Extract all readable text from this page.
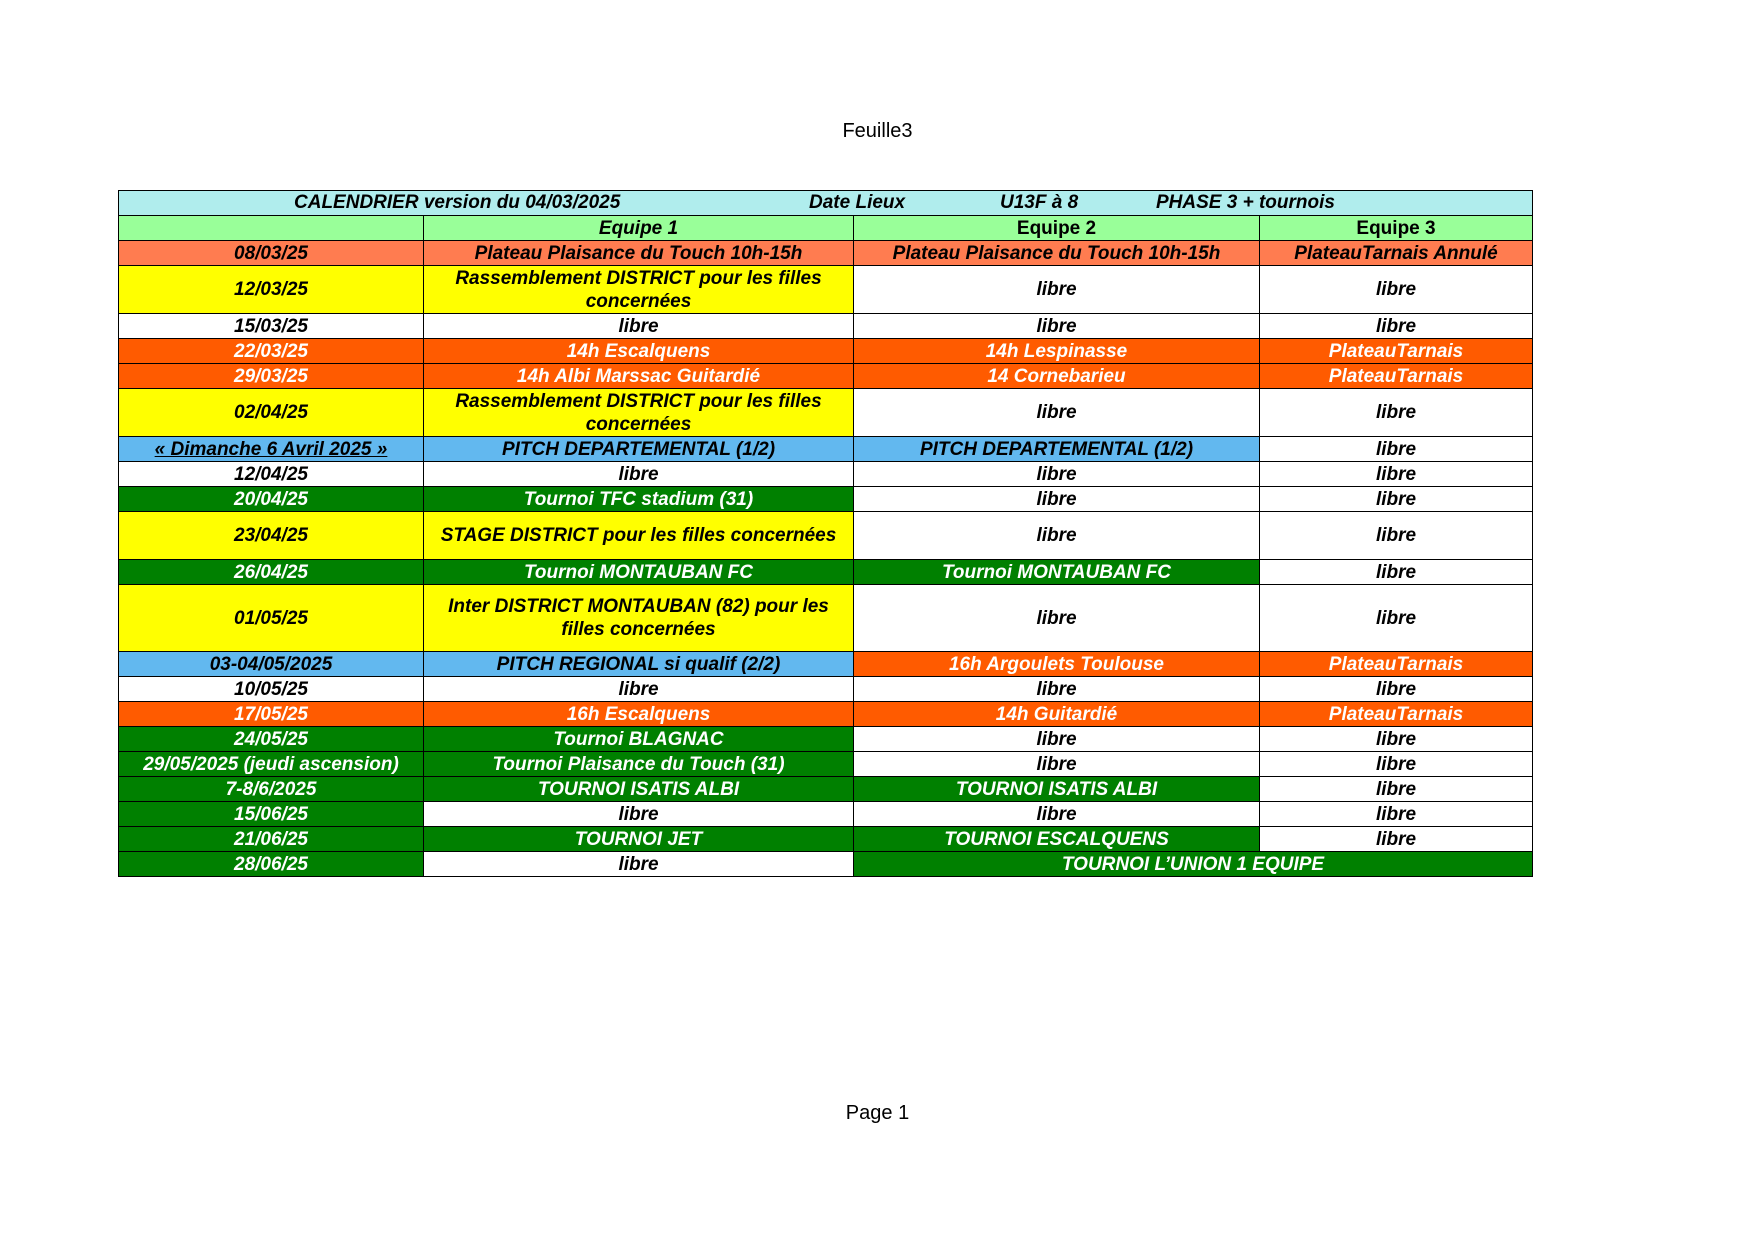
Feuille3
CALENDRIER version du 04/03/2025 Date Lieux U13F à 8 PHASE 3 + tournois			

	Equipe 1	Equipe 2	Equipe 3
08/03/25	Plateau Plaisance du Touch 10h-15h	Plateau Plaisance du Touch 10h-15h	PlateauTarnais Annulé
12/03/25	Rassemblement DISTRICT pour les filles concernées	libre	libre
15/03/25	libre	libre	libre
22/03/25	14h Escalquens	14h Lespinasse	PlateauTarnais
29/03/25	14h Albi Marssac Guitardié	14 Cornebarieu	PlateauTarnais
02/04/25	Rassemblement DISTRICT pour les filles concernées	libre	libre
« Dimanche 6 Avril 2025 »	PITCH DEPARTEMENTAL (1/2)	PITCH DEPARTEMENTAL (1/2)	libre
12/04/25	libre	libre	libre
20/04/25	Tournoi TFC stadium (31)	libre	libre
23/04/25	STAGE DISTRICT pour les filles concernées	libre	libre
26/04/25	Tournoi MONTAUBAN FC	Tournoi MONTAUBAN FC	libre
01/05/25	Inter DISTRICT MONTAUBAN (82) pour les filles concernées	libre	libre
03-04/05/2025	PITCH REGIONAL si qualif (2/2)	16h Argoulets Toulouse	PlateauTarnais
10/05/25	libre	libre	libre
17/05/25	16h Escalquens	14h Guitardié	PlateauTarnais
24/05/25	Tournoi BLAGNAC	libre	libre
29/05/2025 (jeudi ascension)	Tournoi Plaisance du Touch (31)	libre	libre
7-8/6/2025	TOURNOI ISATIS ALBI	TOURNOI ISATIS ALBI	libre
15/06/25	libre	libre	libre
21/06/25	TOURNOI JET	TOURNOI ESCALQUENS	libre
28/06/25	libre	TOURNOI L’UNION 1 EQUIPE	
Page 1
